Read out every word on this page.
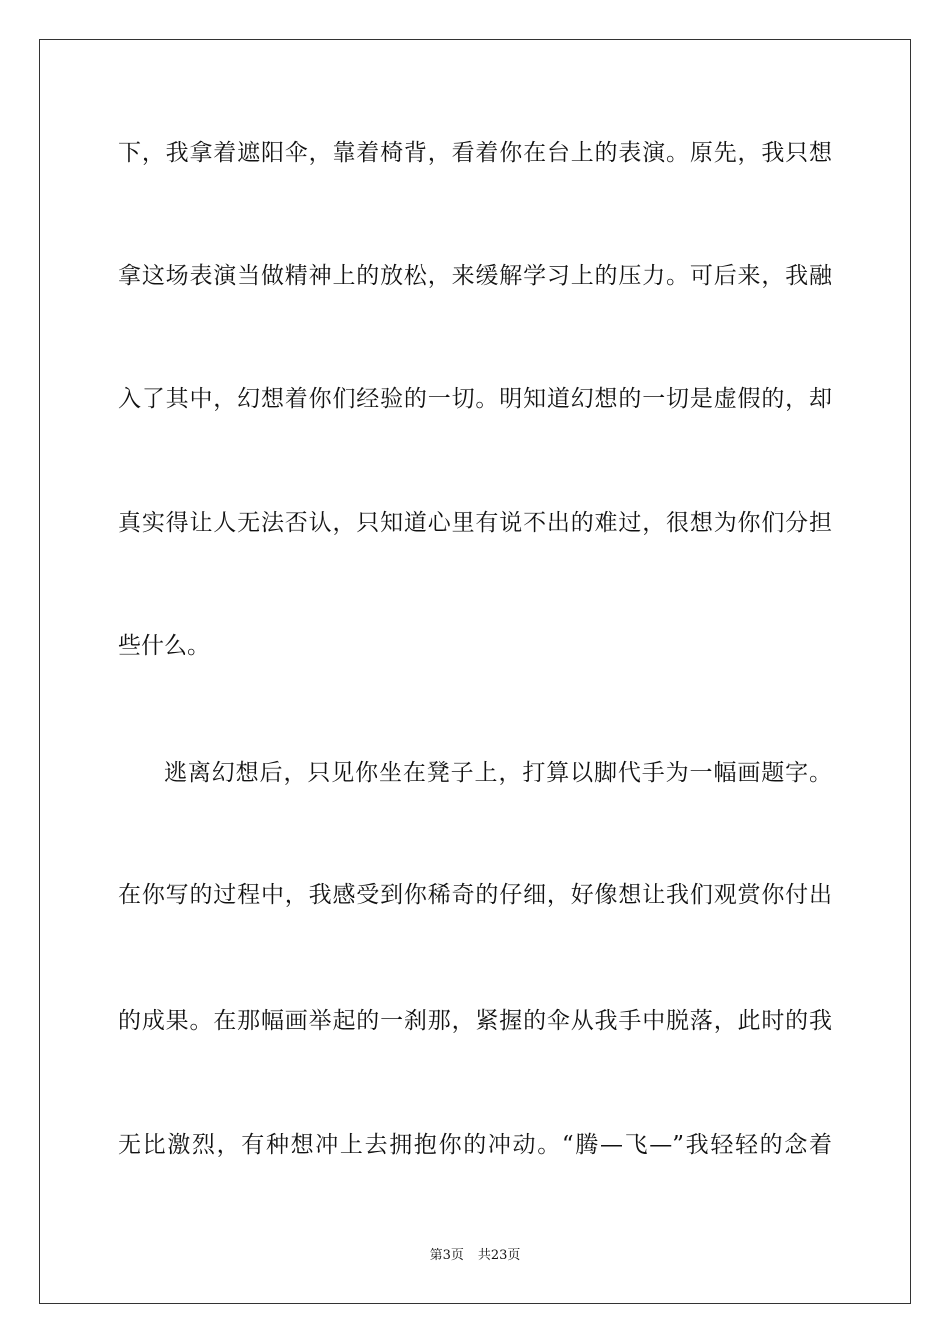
下，我拿着遮阳伞，靠着椅背，看着你在台上的表演。原先，我只想
拿这场表演当做精神上的放松，来缓解学习上的压力。可后来，我融
入了其中，幻想着你们经验的一切。明知道幻想的一切是虚假的，却
真实得让人无法否认，只知道心里有说不出的难过，很想为你们分担
些什么。
逃离幻想后，只见你坐在凳子上，打算以脚代手为一幅画题字。
在你写的过程中，我感受到你稀奇的仔细，好像想让我们观赏你付出
的成果。在那幅画举起的一刹那，紧握的伞从我手中脱落，此时的我
无比激烈，有种想冲上去拥抱你的冲动。“腾—飞—”我轻轻的念着
第3页 共23页
